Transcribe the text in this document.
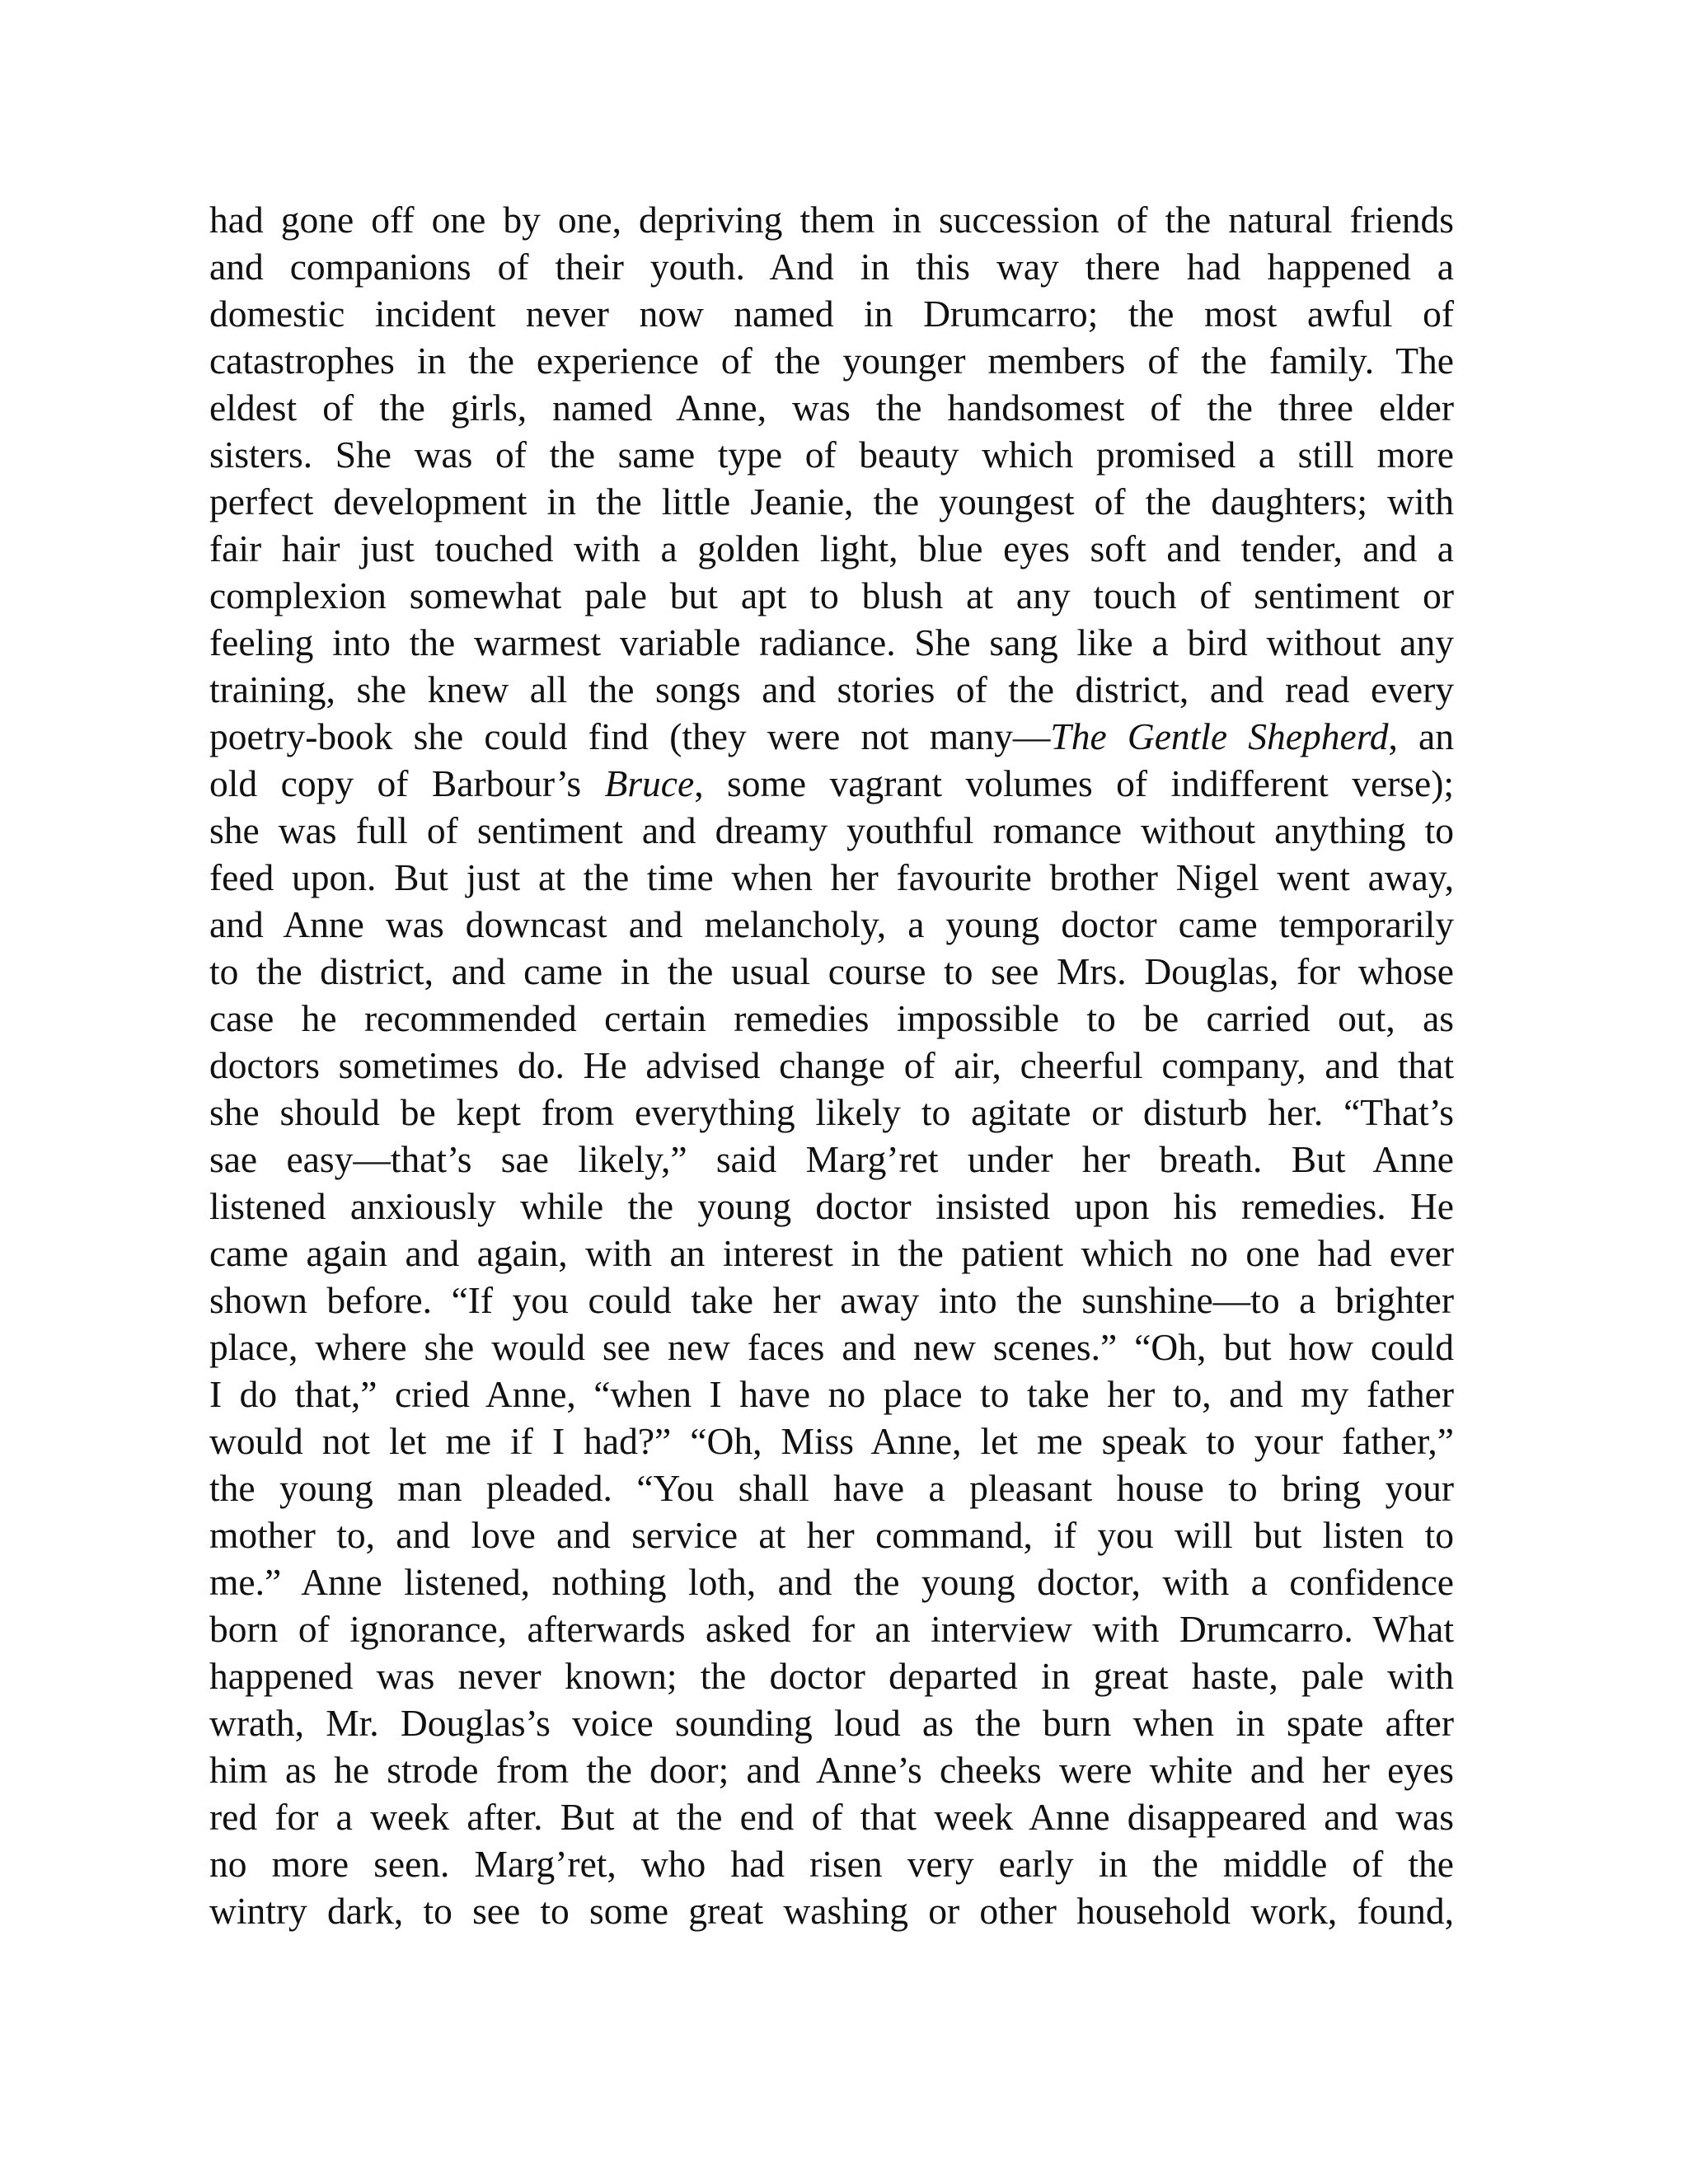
had gone off one by one, depriving them in succession of the natural friends
and companions of their youth. And in this way there had happened a
domestic incident never now named in Drumcarro; the most awful of
catastrophes in the experience of the younger members of the family. The
eldest of the girls, named Anne, was the handsomest of the three elder
sisters. She was of the same type of beauty which promised a still more
perfect development in the little Jeanie, the youngest of the daughters; with
fair hair just touched with a golden light, blue eyes soft and tender, and a
complexion somewhat pale but apt to blush at any touch of sentiment or
feeling into the warmest variable radiance. She sang like a bird without any
training, she knew all the songs and stories of the district, and read every
poetry-book she could find (they were not many—The Gentle Shepherd, an
old copy of Barbour’s Bruce, some vagrant volumes of indifferent verse);
she was full of sentiment and dreamy youthful romance without anything to
feed upon. But just at the time when her favourite brother Nigel went away,
and Anne was downcast and melancholy, a young doctor came temporarily
to the district, and came in the usual course to see Mrs. Douglas, for whose
case he recommended certain remedies impossible to be carried out, as
doctors sometimes do. He advised change of air, cheerful company, and that
she should be kept from everything likely to agitate or disturb her. “That’s
sae easy—that’s sae likely,” said Marg’ret under her breath. But Anne
listened anxiously while the young doctor insisted upon his remedies. He
came again and again, with an interest in the patient which no one had ever
shown before. “If you could take her away into the sunshine—to a brighter
place, where she would see new faces and new scenes.” “Oh, but how could
I do that,” cried Anne, “when I have no place to take her to, and my father
would not let me if I had?” “Oh, Miss Anne, let me speak to your father,”
the young man pleaded. “You shall have a pleasant house to bring your
mother to, and love and service at her command, if you will but listen to
me.” Anne listened, nothing loth, and the young doctor, with a confidence
born of ignorance, afterwards asked for an interview with Drumcarro. What
happened was never known; the doctor departed in great haste, pale with
wrath, Mr. Douglas’s voice sounding loud as the burn when in spate after
him as he strode from the door; and Anne’s cheeks were white and her eyes
red for a week after. But at the end of that week Anne disappeared and was
no more seen. Marg’ret, who had risen very early in the middle of the
wintry dark, to see to some great washing or other household work, found,
